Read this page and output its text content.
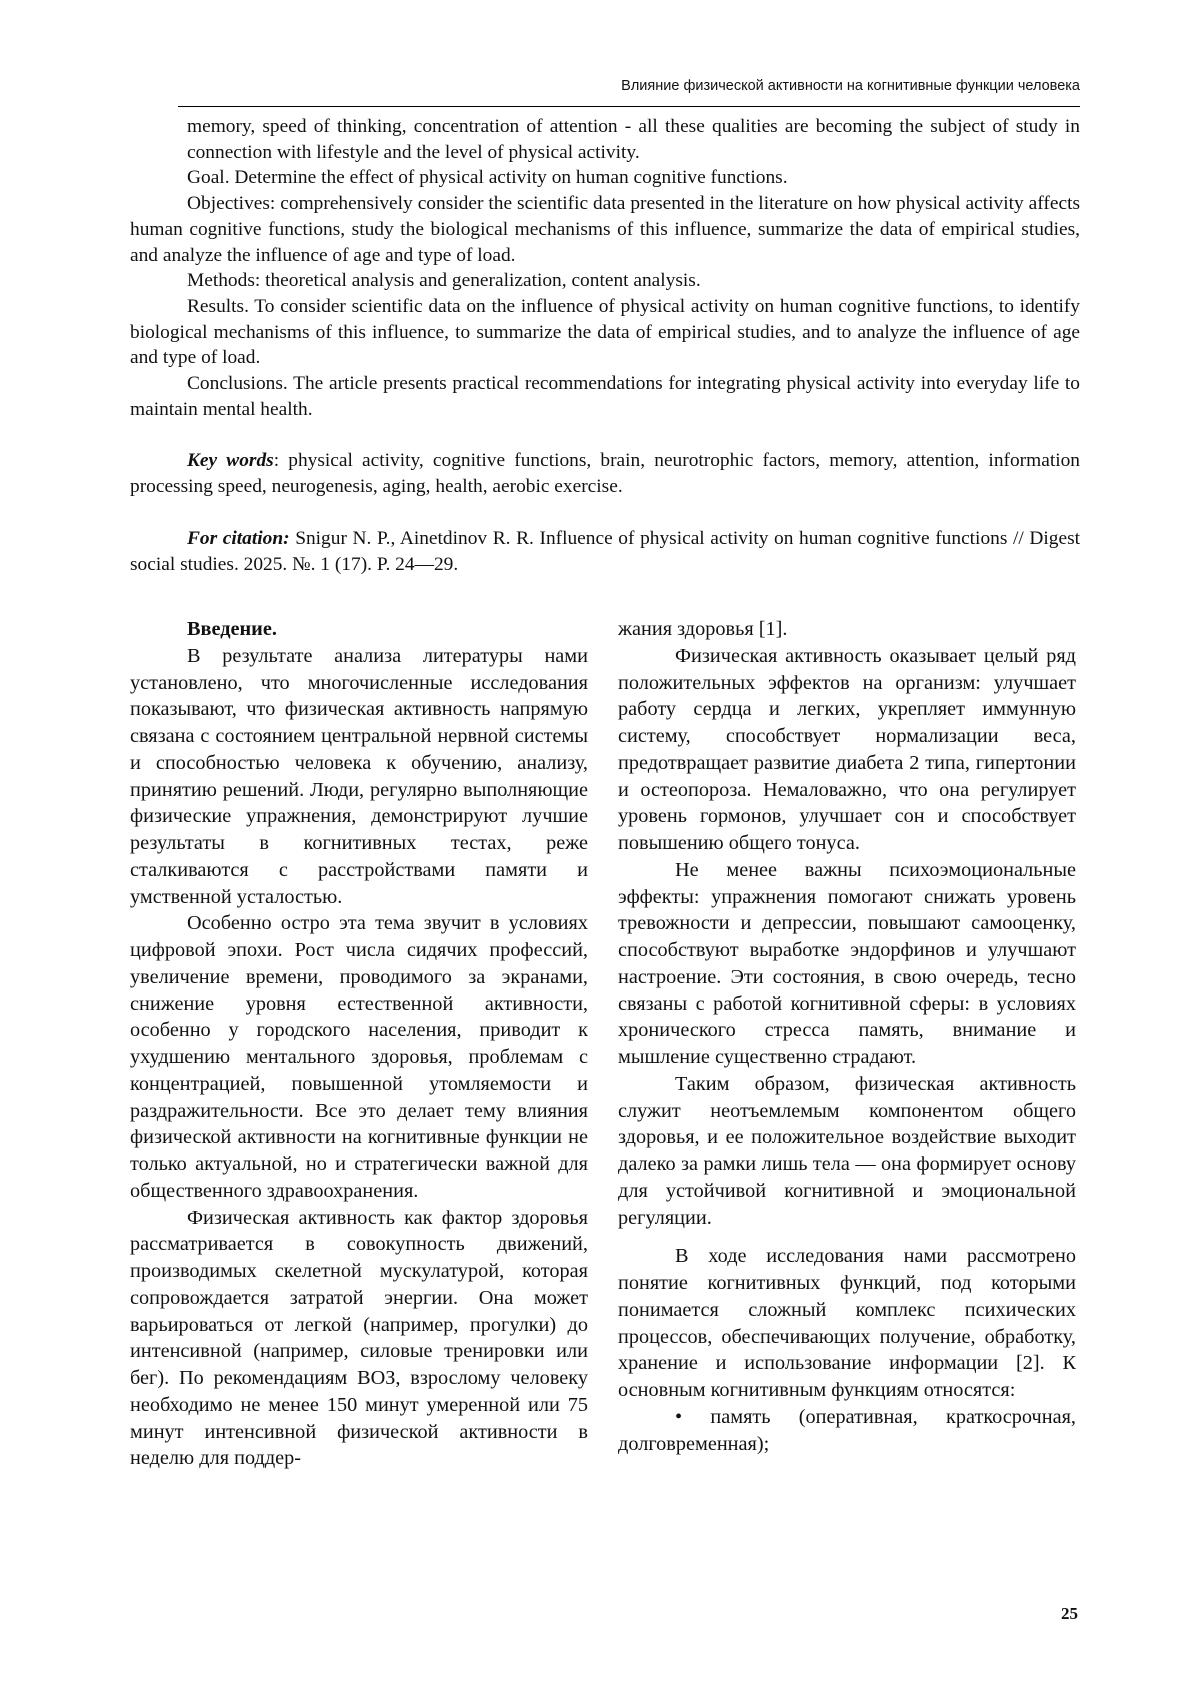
Влияние физической активности на когнитивные функции человека

memory, speed of thinking, concentration of attention - all these qualities are becoming the subject of study in connection with lifestyle and the level of physical activity.

Goal. Determine the effect of physical activity on human cognitive functions.

Objectives: comprehensively consider the scientific data presented in the literature on how physical activity affects human cognitive functions, study the biological mechanisms of this influence, summarize the data of empirical studies, and analyze the influence of age and type of load.

Methods: theoretical analysis and generalization, content analysis.

Results. To consider scientific data on the influence of physical activity on human cognitive functions, to identify biological mechanisms of this influence, to summarize the data of empirical studies, and to analyze the influence of age and type of load.

Conclusions. The article presents practical recommendations for integrating physical activity into everyday life to maintain mental health.

Key words: physical activity, cognitive functions, brain, neurotrophic factors, memory, attention, information processing speed, neurogenesis, aging, health, aerobic exercise.

For citation: Snigur N. P., Ainetdinov R. R. Influence of physical activity on human cognitive functions // Digest social studies. 2025. №. 1 (17). P. 24—29.

Введение.

В результате анализа литературы нами установлено, что многочисленные исследования показывают, что физическая активность напрямую связана с состоянием центральной нервной системы и способностью человека к обучению, анализу, принятию решений. Люди, регулярно выполняющие физические упражнения, демонстрируют лучшие результаты в когнитивных тестах, реже сталкиваются с расстройствами памяти и умственной усталостью.

Особенно остро эта тема звучит в условиях цифровой эпохи. Рост числа сидячих профессий, увеличение времени, проводимого за экранами, снижение уровня естественной активности, особенно у городского населения, приводит к ухудшению ментального здоровья, проблемам с концентрацией, повышенной утомляемости и раздражительности. Все это делает тему влияния физической активности на когнитивные функции не только актуальной, но и стратегически важной для общественного здравоохранения.

Физическая активность как фактор здоровья рассматривается в совокупность движений, производимых скелетной мускулатурой, которая сопровождается затратой энергии. Она может варьироваться от легкой (например, прогулки) до интенсивной (например, силовые тренировки или бег). По рекомендациям ВОЗ, взрослому человеку необходимо не менее 150 минут умеренной или 75 минут интенсивной физической активности в неделю для поддер-

жания здоровья [1].

Физическая активность оказывает целый ряд положительных эффектов на организм: улучшает работу сердца и легких, укрепляет иммунную систему, способствует нормализации веса, предотвращает развитие диабета 2 типа, гипертонии и остеопороза. Немаловажно, что она регулирует уровень гормонов, улучшает сон и способствует повышению общего тонуса.

Не менее важны психоэмоциональные эффекты: упражнения помогают снижать уровень тревожности и депрессии, повышают самооценку, способствуют выработке эндорфинов и улучшают настроение. Эти состояния, в свою очередь, тесно связаны с работой когнитивной сферы: в условиях хронического стресса память, внимание и мышление существенно страдают.

Таким образом, физическая активность служит неотъемлемым компонентом общего здоровья, и ее положительное воздействие выходит далеко за рамки лишь тела — она формирует основу для устойчивой когнитивной и эмоциональной регуляции.

В ходе исследования нами рассмотрено понятие когнитивных функций, под которыми понимается сложный комплекс психических процессов, обеспечивающих получение, обработку, хранение и использование информации [2]. К основным когнитивным функциям относятся:

• память (оперативная, краткосрочная, долговременная);

25
